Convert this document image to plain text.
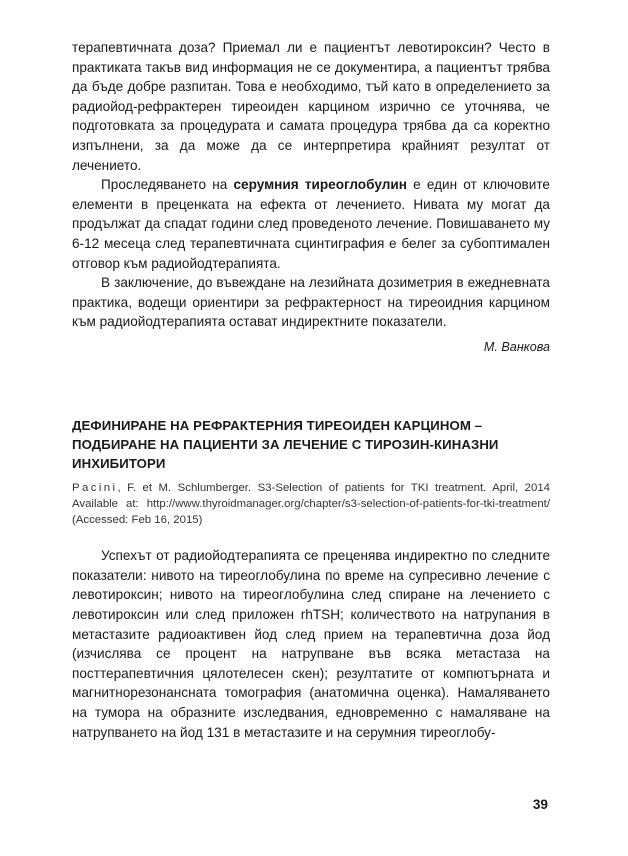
терапевтичната доза? Приемал ли е пациентът левотироксин? Често в практиката такъв вид информация не се документира, а пациентът трябва да бъде добре разпитан. Това е необходимо, тъй като в определението за радиойод-рефрактерен тиреоиден карцином изрично се уточнява, че подготовката за процедурата и самата процедура трябва да са коректно изпълнени, за да може да се интерпретира крайният резултат от лечението.

Проследяването на серумния тиреоглобулин е един от ключовите елементи в преценката на ефекта от лечението. Нивата му могат да продължат да спадат години след проведеното лечение. Повишаването му 6-12 месеца след терапевтичната сцинтиграфия е белег за субоптимален отговор към радиойодтерапията.

В заключение, до въвеждане на лезийната дозиметрия в ежедневната практика, водещи ориентири за рефрактерност на тиреоидния карцином към радиойодтерапията остават индиректните показатели.

М. Ванкова

ДЕФИНИРАНЕ НА РЕФРАКТЕРНИЯ ТИРЕОИДЕН КАРЦИНОМ – ПОДБИРАНЕ НА ПАЦИЕНТИ ЗА ЛЕЧЕНИЕ С ТИРОЗИН-КИНАЗНИ ИНХИБИТОРИ

Pacini, F. et M. Schlumberger. S3-Selection of patients for TKI treatment. April, 2014 Available at: http://www.thyroidmanager.org/chapter/s3-selection-of-patients-for-tki-treatment/ (Accessed: Feb 16, 2015)

Успехът от радиойодтерапията се преценява индиректно по следните показатели: нивото на тиреоглобулина по време на супресивно лечение с левотироксин; нивото на тиреоглобулина след спиране на лечението с левотироксин или след приложен rhTSH; количеството на натрупания в метастазите радиоактивен йод след прием на терапевтична доза йод (изчислява се процент на натрупване във всяка метастаза на посттерапевтичния цялотелесен скен); резултатите от компютърната и магнитнорезонансната томография (анатомична оценка). Намаляването на тумора на образните изследвания, едновременно с намаляване на натрупването на йод 131 в метастазите и на серумния тиреоглобу-

39
